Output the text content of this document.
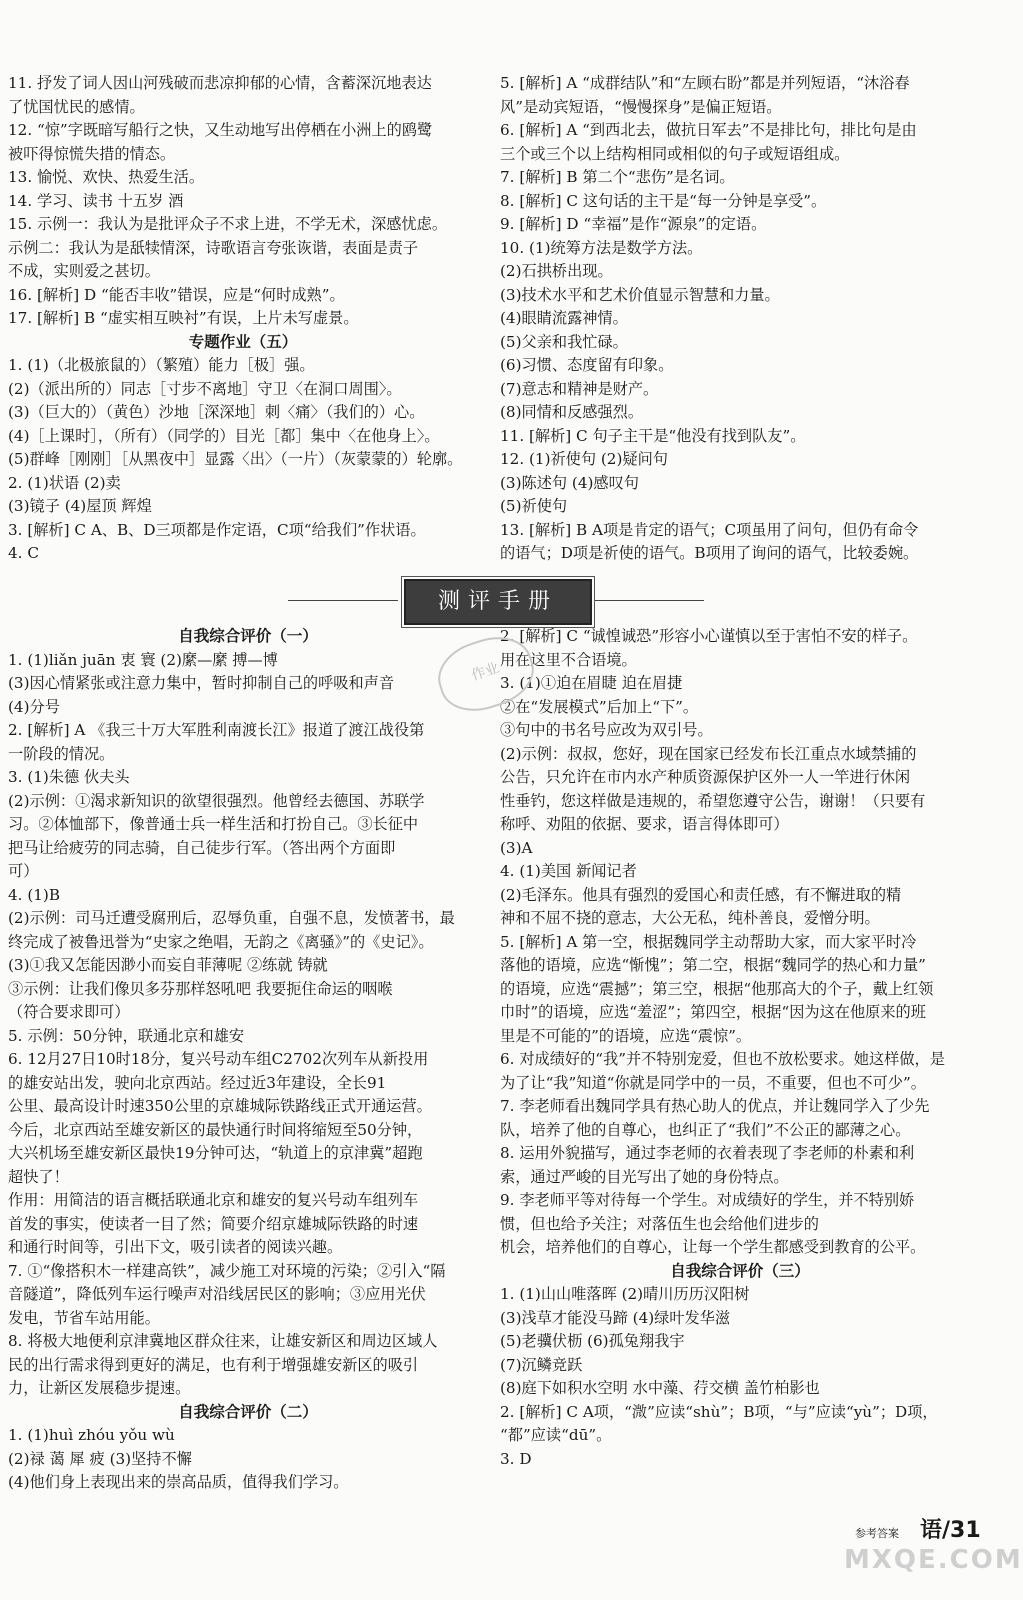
11. 抒发了词人因山河残破而悲凉抑郁的心情，含蓄深沉地表达

了忧国忧民的感情。

12. “惊”字既暗写船行之快，又生动地写出停栖在小洲上的鸥鹭

被吓得惊慌失措的情态。

13. 愉悦、欢快、热爱生活。

14. 学习、读书 十五岁 酒

15. 示例一：我认为是批评众子不求上进，不学无术，深感忧虑。

示例二：我认为是舐犊情深，诗歌语言夸张诙谐，表面是责子

不成，实则爱之甚切。

16. [解析] D “能否丰收”错误，应是“何时成熟”。

17. [解析] B “虚实相互映衬”有误，上片未写虚景。

专题作业（五）

1. (1)（北极旅鼠的）（繁殖）能力［极］强。

(2)（派出所的）同志［寸步不离地］守卫〈在洞口周围〉。

(3)（巨大的）（黄色）沙地［深深地］刺〈痛〉（我们的）心。

(4)［上课时］，（所有）（同学的）目光［都］集中〈在他身上〉。

(5)群峰［刚刚］［从黑夜中］显露〈出〉（一片）（灰蒙蒙的）轮廓。

2. (1)状语 (2)卖

(3)镜子 (4)屋顶 辉煌

3. [解析] C A、B、D三项都是作定语，C项“给我们”作状语。

4. C

5. [解析] A “成群结队”和“左顾右盼”都是并列短语，“沐浴春

风”是动宾短语，“慢慢探身”是偏正短语。

6. [解析] A “到西北去，做抗日军去”不是排比句，排比句是由

三个或三个以上结构相同或相似的句子或短语组成。

7. [解析] B 第二个“悲伤”是名词。

8. [解析] C 这句话的主干是“每一分钟是享受”。

9. [解析] D “幸福”是作“源泉”的定语。

10. (1)统筹方法是数学方法。

(2)石拱桥出现。

(3)技术水平和艺术价值显示智慧和力量。

(4)眼睛流露神情。

(5)父亲和我忙碌。

(6)习惯、态度留有印象。

(7)意志和精神是财产。

(8)同情和反感强烈。

11. [解析] C 句子主干是“他没有找到队友”。

12. (1)祈使句 (2)疑问句

(3)陈述句 (4)感叹句

(5)祈使句

13. [解析] B A项是肯定的语气；C项虽用了问句，但仍有命令

的语气；D项是祈使的语气。B项用了询问的语气，比较委婉。

测评手册
自我综合评价（一）

1. (1)liǎn juān 衷 寰 (2)縻—縻 搏—博

(3)因心情紧张或注意力集中，暂时抑制自己的呼吸和声音

(4)分号

2. [解析] A 《我三十万大军胜利南渡长江》报道了渡江战役第

一阶段的情况。

3. (1)朱德 伙夫头

(2)示例：①渴求新知识的欲望很强烈。他曾经去德国、苏联学

习。②体恤部下，像普通士兵一样生活和打扮自己。③长征中

把马让给疲劳的同志骑，自己徒步行军。（答出两个方面即

可）

4. (1)B

(2)示例：司马迁遭受腐刑后，忍辱负重，自强不息，发愤著书，最

终完成了被鲁迅誉为“史家之绝唱，无韵之《离骚》”的《史记》。

(3)①我又怎能因渺小而妄自菲薄呢 ②练就 铸就

③示例：让我们像贝多芬那样怒吼吧 我要扼住命运的咽喉

（符合要求即可）

5. 示例：50分钟，联通北京和雄安

6. 12月27日10时18分，复兴号动车组C2702次列车从新投用

的雄安站出发，驶向北京西站。经过近3年建设，全长91

公里、最高设计时速350公里的京雄城际铁路线正式开通运营。

今后，北京西站至雄安新区的最快通行时间将缩短至50分钟，

大兴机场至雄安新区最快19分钟可达，“轨道上的京津冀”超跑

超快了！

作用：用简洁的语言概括联通北京和雄安的复兴号动车组列车

首发的事实，使读者一目了然；简要介绍京雄城际铁路的时速

和通行时间等，引出下文，吸引读者的阅读兴趣。

7. ①“像搭积木一样建高铁”，减少施工对环境的污染；②引入“隔

音隧道”，降低列车运行噪声对沿线居民区的影响；③应用光伏

发电，节省车站用能。

8. 将极大地便利京津冀地区群众往来，让雄安新区和周边区域人

民的出行需求得到更好的满足，也有利于增强雄安新区的吸引

力，让新区发展稳步提速。

自我综合评价（二）

1. (1)huì zhóu yǒu wù

(2)禄 蔼 犀 疲 (3)坚持不懈

(4)他们身上表现出来的崇高品质，值得我们学习。

2. [解析] C “诚惶诚恐”形容小心谨慎以至于害怕不安的样子。

用在这里不合语境。

3. (1)①迫在眉睫 迫在眉捷

②在“发展模式”后加上“下”。

③句中的书名号应改为双引号。

(2)示例：叔叔，您好，现在国家已经发布长江重点水域禁捕的

公告，只允许在市内水产种质资源保护区外一人一竿进行休闲

性垂钓，您这样做是违规的，希望您遵守公告，谢谢！（只要有

称呼、劝阻的依据、要求，语言得体即可）

(3)A

4. (1)美国 新闻记者

(2)毛泽东。他具有强烈的爱国心和责任感，有不懈进取的精

神和不屈不挠的意志，大公无私，纯朴善良，爱憎分明。

5. [解析] A 第一空，根据魏同学主动帮助大家，而大家平时冷

落他的语境，应选“惭愧”；第二空，根据“魏同学的热心和力量”

的语境，应选“震撼”；第三空，根据“他那高大的个子，戴上红领

巾时”的语境，应选“羞涩”；第四空，根据“因为这在他原来的班

里是不可能的”的语境，应选“震惊”。

6. 对成绩好的“我”并不特别宠爱，但也不放松要求。她这样做，是

为了让“我”知道“你就是同学中的一员，不重要，但也不可少”。

7. 李老师看出魏同学具有热心助人的优点，并让魏同学入了少先

队，培养了他的自尊心，也纠正了“我们”不公正的鄙薄之心。

8. 运用外貌描写，通过李老师的衣着表现了李老师的朴素和利

索，通过严峻的目光写出了她的身份特点。

9. 李老师平等对待每一个学生。对成绩好的学生，并不特别娇

惯，但也给予关注；对落伍生也会给他们进步的

机会，培养他们的自尊心，让每一个学生都感受到教育的公平。

自我综合评价（三）

1. (1)山山唯落晖 (2)晴川历历汉阳树

(3)浅草才能没马蹄 (4)绿叶发华滋

(5)老骥伏枥 (6)孤兔翔我宇

(7)沉鳞竞跃

(8)庭下如积水空明 水中藻、荇交横 盖竹柏影也

2. [解析] C A项，“溦”应读“shù”；B项，“与”应读“yù”；D项，

“都”应读“dū”。

3. D

作业
参考答案 语/31
MXQE.COM
